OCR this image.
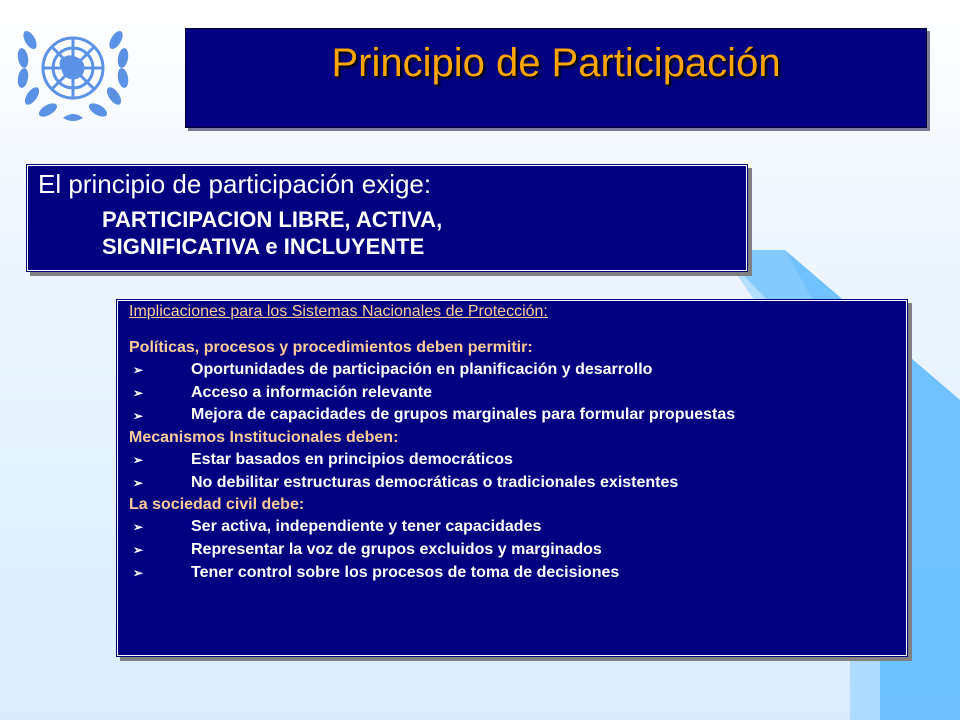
Principio de Participación
El principio de participación exige:
PARTICIPACION LIBRE, ACTIVA,
SIGNIFICATIVA e INCLUYENTE
Implicaciones para los Sistemas Nacionales de Protección:
Políticas, procesos y procedimientos deben permitir:
➢	Oportunidades de participación en planificación y desarrollo
➢	Acceso a información relevante
➢	Mejora de capacidades de grupos marginales para formular propuestas
Mecanismos Institucionales deben:
➢	Estar basados en principios democráticos
➢	No debilitar estructuras democráticas o tradicionales existentes
La sociedad civil debe:
➢	Ser activa, independiente y tener capacidades
➢	Representar la voz de grupos excluidos y marginados
➢	Tener control sobre los procesos de toma de decisiones
